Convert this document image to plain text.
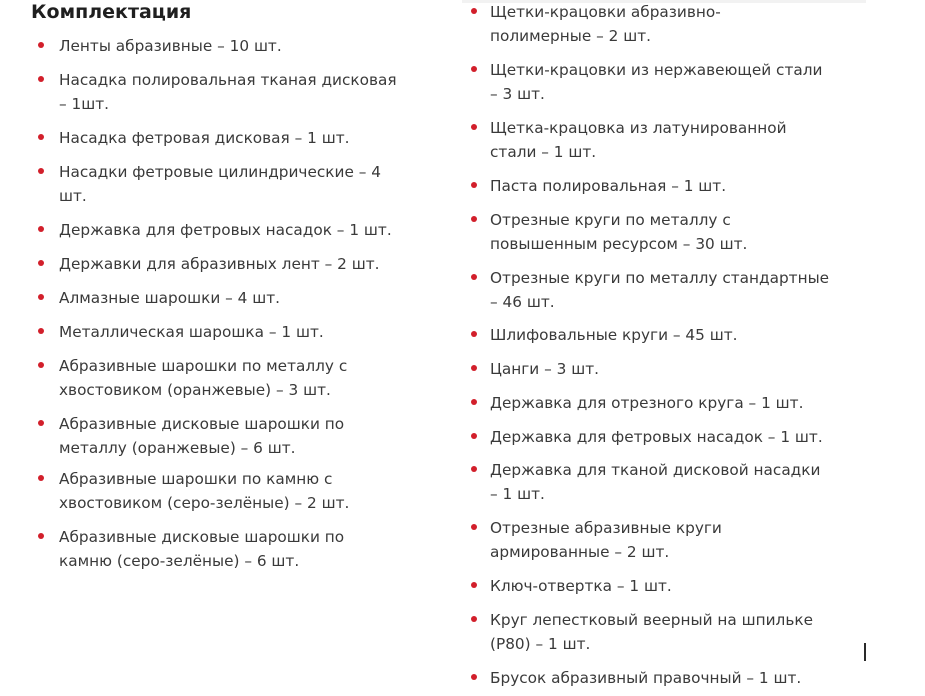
Комплектация
Ленты абразивные – 10 шт.
Насадка полировальная тканая дисковая
– 1шт.
Насадка фетровая дисковая – 1 шт.
Насадки фетровые цилиндрические – 4
шт.
Державка для фетровых насадок – 1 шт.
Державки для абразивных лент – 2 шт.
Алмазные шарошки – 4 шт.
Металлическая шарошка – 1 шт.
Абразивные шарошки по металлу с
хвостовиком (оранжевые) – 3 шт.
Абразивные дисковые шарошки по
металлу (оранжевые) – 6 шт.
Абразивные шарошки по камню с
хвостовиком (серо-зелёные) – 2 шт.
Абразивные дисковые шарошки по
камню (серо-зелёные) – 6 шт.
Щетки-крацовки абразивно-
полимерные – 2 шт.
Щетки-крацовки из нержавеющей стали
– 3 шт.
Щетка-крацовка из латунированной
стали – 1 шт.
Паста полировальная – 1 шт.
Отрезные круги по металлу с
повышенным ресурсом – 30 шт.
Отрезные круги по металлу стандартные
– 46 шт.
Шлифовальные круги – 45 шт.
Цанги – 3 шт.
Державка для отрезного круга – 1 шт.
Державка для фетровых насадок – 1 шт.
Державка для тканой дисковой насадки
– 1 шт.
Отрезные абразивные круги
армированные – 2 шт.
Ключ-отвертка – 1 шт.
Круг лепестковый веерный на шпильке
(P80) – 1 шт.
Брусок абразивный правочный – 1 шт.
